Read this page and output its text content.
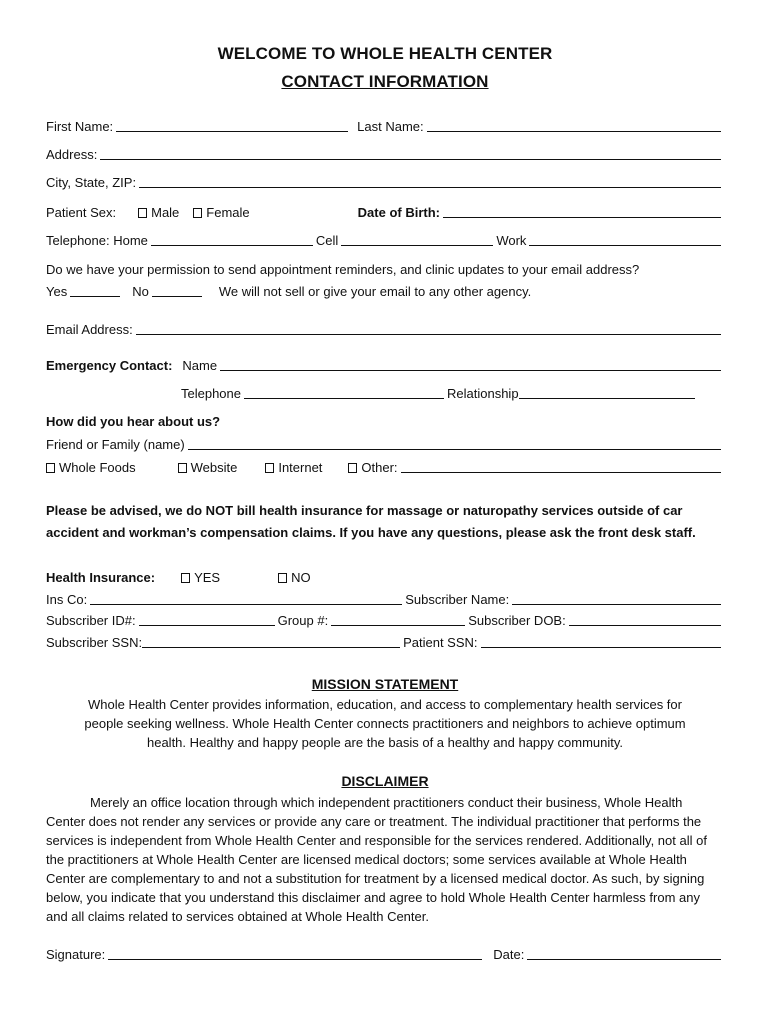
WELCOME TO WHOLE HEALTH CENTER
CONTACT INFORMATION
First Name:	Last Name:
Address:
City, State, ZIP:
Patient Sex:	Male Female	Date of Birth:
Telephone: Home	Cell	Work
Do we have your permission to send appointment reminders, and clinic updates to your email address?
Yes	No	We will not sell or give your email to any other agency.
Email Address:
Emergency Contact: Name
Telephone	Relationship
How did you hear about us?
Friend or Family (name)
Whole Foods	Website	Internet	Other:
Please be advised, we do NOT bill health insurance for massage or naturopathy services outside of car
accident and workman’s compensation claims. If you have any questions, please ask the front desk staff.
Health Insurance:	YES	NO
Ins Co:	Subscriber Name:
Subscriber ID#:	Group #:	Subscriber DOB:
Subscriber SSN:	Patient SSN:
MISSION STATEMENT
Whole Health Center provides information, education, and access to complementary health services for
people seeking wellness. Whole Health Center connects practitioners and neighbors to achieve optimum
health. Healthy and happy people are the basis of a healthy and happy community.
DISCLAIMER
Merely an office location through which independent practitioners conduct their business, Whole Health Center does not render any services or provide any care or treatment. The individual practitioner that performs the services is independent from Whole Health Center and responsible for the services rendered. Additionally, not all of the practitioners at Whole Health Center are licensed medical doctors; some services available at Whole Health Center are complementary to and not a substitution for treatment by a licensed medical doctor. As such, by signing below, you indicate that you understand this disclaimer and agree to hold Whole Health Center harmless from any and all claims related to services obtained at Whole Health Center.
Signature:	Date:
